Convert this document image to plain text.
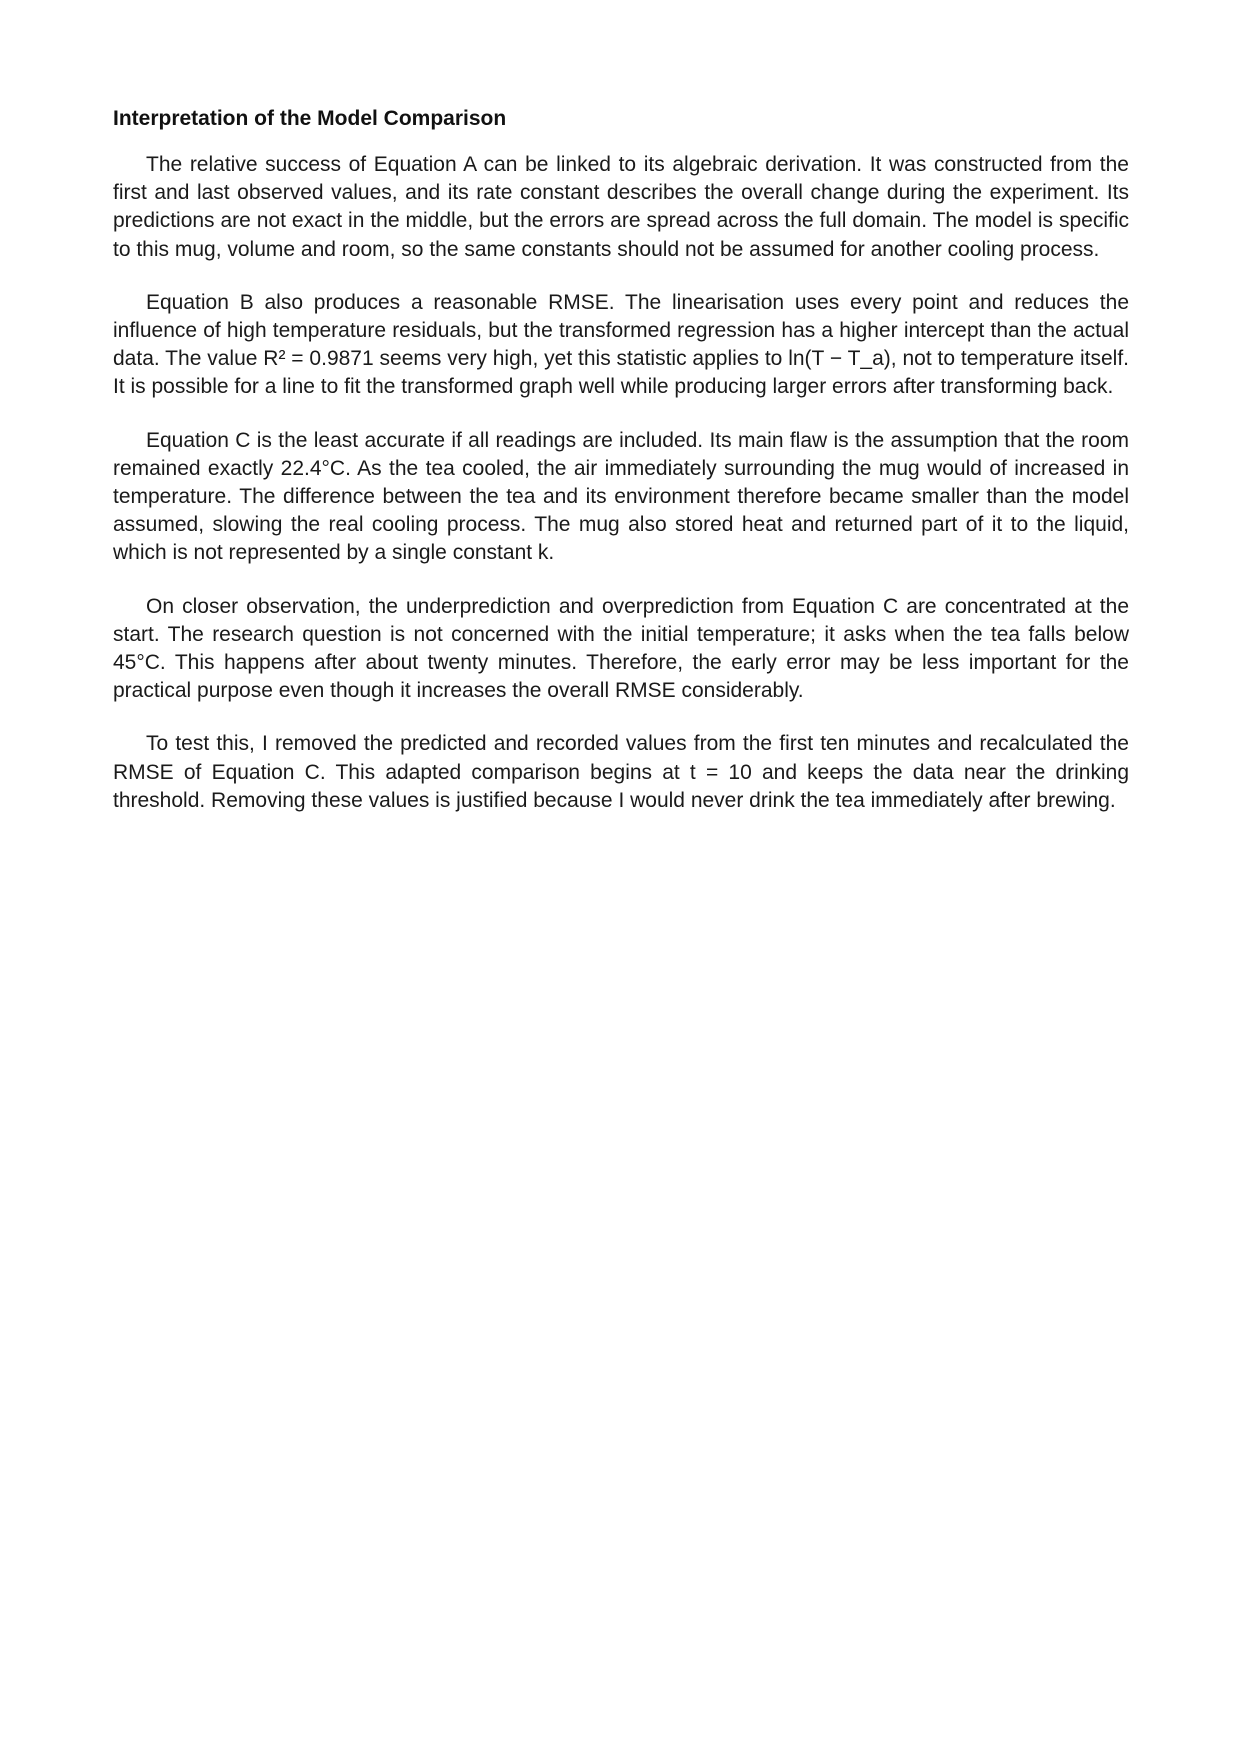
Interpretation of the Model Comparison

The relative success of Equation A can be linked to its algebraic derivation. It was constructed from the first and last observed values, and its rate constant describes the overall change during the experiment. Its predictions are not exact in the middle, but the errors are spread across the full domain. The model is specific to this mug, volume and room, so the same constants should not be assumed for another cooling process.

Equation B also produces a reasonable RMSE. The linearisation uses every point and reduces the influence of high temperature residuals, but the transformed regression has a higher intercept than the actual data. The value R² = 0.9871 seems very high, yet this statistic applies to ln(T − T_a), not to temperature itself. It is possible for a line to fit the transformed graph well while producing larger errors after transforming back.

Equation C is the least accurate if all readings are included. Its main flaw is the assumption that the room remained exactly 22.4°C. As the tea cooled, the air immediately surrounding the mug would of increased in temperature. The difference between the tea and its environment therefore became smaller than the model assumed, slowing the real cooling process. The mug also stored heat and returned part of it to the liquid, which is not represented by a single constant k.

On closer observation, the underprediction and overprediction from Equation C are concentrated at the start. The research question is not concerned with the initial temperature; it asks when the tea falls below 45°C. This happens after about twenty minutes. Therefore, the early error may be less important for the practical purpose even though it increases the overall RMSE considerably.

To test this, I removed the predicted and recorded values from the first ten minutes and recalculated the RMSE of Equation C. This adapted comparison begins at t = 10 and keeps the data near the drinking threshold. Removing these values is justified because I would never drink the tea immediately after brewing.
